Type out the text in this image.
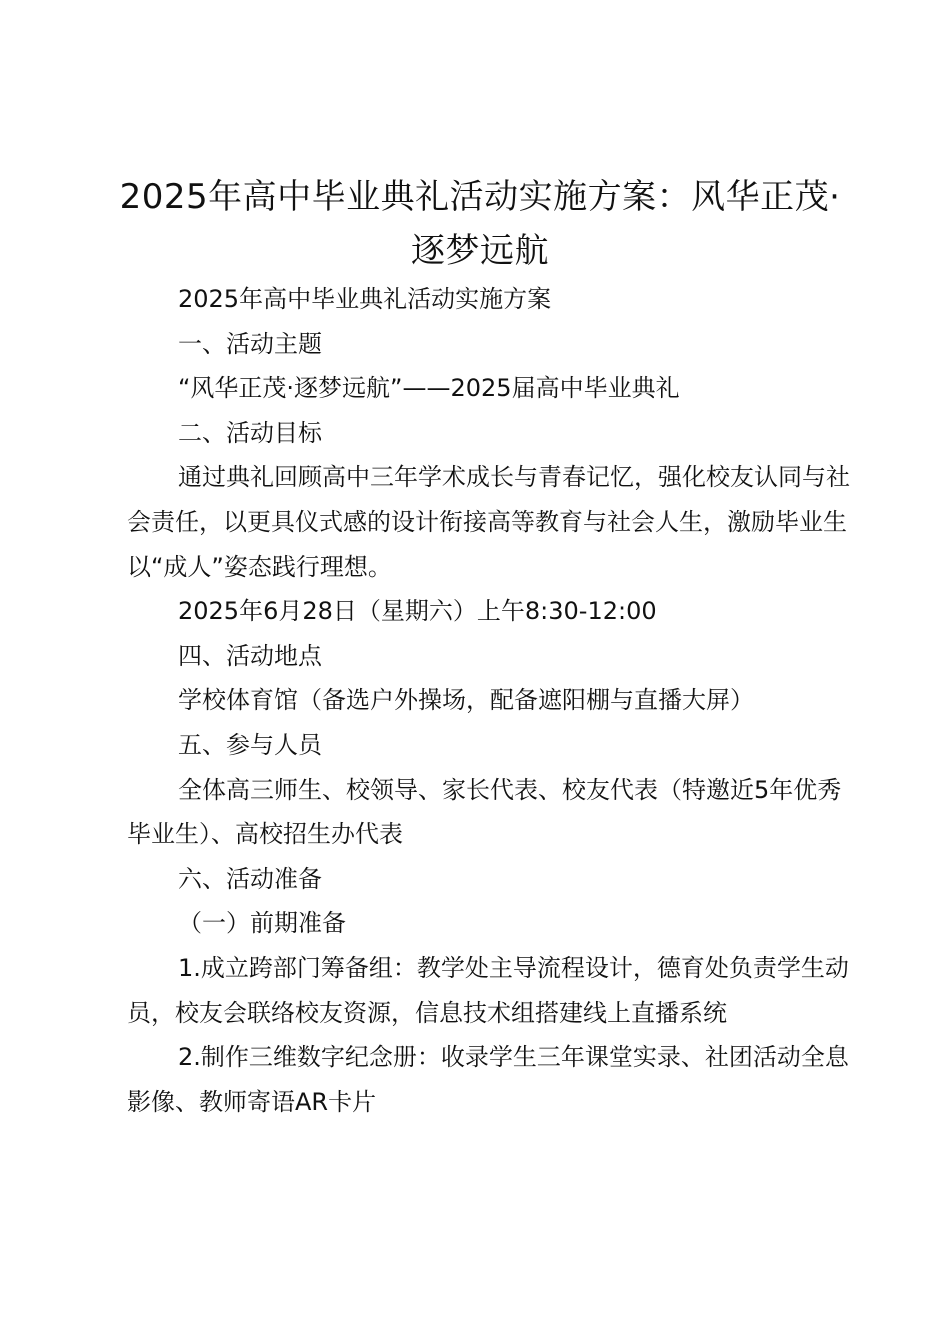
2025年高中毕业典礼活动实施方案：风华正茂·逐梦远航

2025年高中毕业典礼活动实施方案

一、活动主题

“风华正茂·逐梦远航”——2025届高中毕业典礼

二、活动目标

通过典礼回顾高中三年学术成长与青春记忆，强化校友认同与社会责任，以更具仪式感的设计衔接高等教育与社会人生，激励毕业生以“成人”姿态践行理想。

2025年6月28日（星期六）上午8:30-12:00

四、活动地点

学校体育馆（备选户外操场，配备遮阳棚与直播大屏）

五、参与人员

全体高三师生、校领导、家长代表、校友代表（特邀近5年优秀毕业生）、高校招生办代表

六、活动准备

（一）前期准备

1.成立跨部门筹备组：教学处主导流程设计，德育处负责学生动员，校友会联络校友资源，信息技术组搭建线上直播系统

2.制作三维数字纪念册：收录学生三年课堂实录、社团活动全息影像、教师寄语AR卡片
